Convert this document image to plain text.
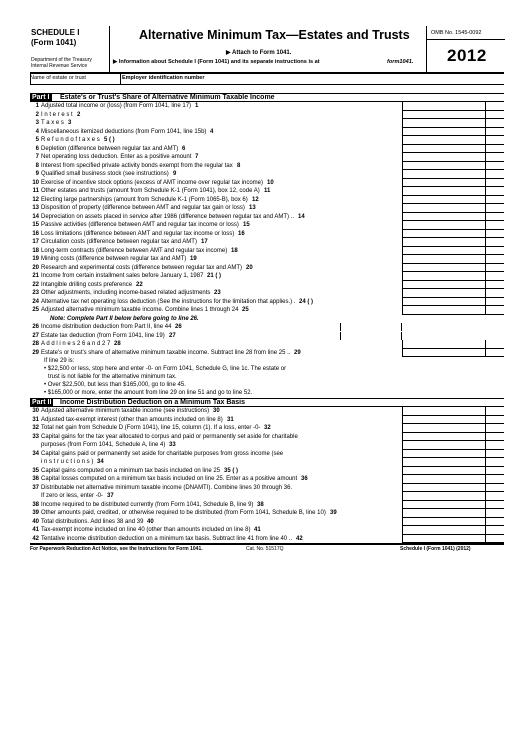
SCHEDULE I
(Form 1041)
Department of the Treasury
Internal Revenue Service
Alternative Minimum Tax—Estates and Trusts
▶ Attach to Form 1041.
▶ Information about Schedule I (Form 1041) and its separate instructions is at	form1041.
OMB No. 1545-0092
2012
Name of estate or trust	Employer identification number
Part I Estate's or Trust's Share of Alternative Minimum Taxable Income
1 Adjusted total income or (loss) (from Form 1041, line 17) 1
2 I n t e r e s t 2
3 T a x e s 3
4 Miscellaneous itemized deductions (from Form 1041, line 15b) 4
5 R e f u n d o f t a x e s 5 ( )
6 Depletion (difference between regular tax and AMT) 6
7 Net operating loss deduction. Enter as a positive amount 7
8 Interest from specified private activity bonds exempt from the regular tax 8
9 Qualified small business stock (see instructions) 9
10 Exercise of incentive stock options (excess of AMT income over regular tax income) 10
11 Other estates and trusts (amount from Schedule K-1 (Form 1041), box 12, code A) 11
12 Electing large partnerships (amount from Schedule K-1 (Form 1065-B), box 6) 12
13 Disposition of property (difference between AMT and regular tax gain or loss) 13
14 Depreciation on assets placed in service after 1986 (difference between regular tax and AMT) .. 14
15 Passive activities (difference between AMT and regular tax income or loss) 15
16 Loss limitations (difference between AMT and regular tax income or loss) 16
17 Circulation costs (difference between regular tax and AMT) 17
18 Long-term contracts (difference between AMT and regular tax income) 18
19 Mining costs (difference between regular tax and AMT) 19
20 Research and experimental costs (difference between regular tax and AMT) 20
21 Income from certain installment sales before January 1, 1987 21 ( )
22 Intangible drilling costs preference 22
23 Other adjustments, including income-based related adjustments 23
24 Alternative tax net operating loss deduction (See the instructions for the limitation that applies.) . 24 ( )
25 Adjusted alternative minimum taxable income. Combine lines 1 through 24 25
Note: Complete Part II below before going to line 26.
26 Income distribution deduction from Part II, line 44 26
27 Estate tax deduction (from Form 1041, line 19) 27
28 A d d l i n e s 2 6 a n d 2 7 28
29 Estate's or trust's share of alternative minimum taxable income. Subtract line 28 from line 25 .. 29
If line 29 is:
• $22,500 or less, stop here and enter -0- on Form 1041, Schedule G, line 1c. The estate or
trust is not liable for the alternative minimum tax.
• Over $22,500, but less than $165,000, go to line 45.
• $165,000 or more, enter the amount from line 29 on line 51 and go to line 52.
Part II Income Distribution Deduction on a Minimum Tax Basis
30 Adjusted alternative minimum taxable income (see instructions) 30
31 Adjusted tax-exempt interest (other than amounts included on line 8) 31
32 Total net gain from Schedule D (Form 1041), line 15, column (1). If a loss, enter -0- 32
33 Capital gains for the tax year allocated to corpus and paid or permanently set aside for charitable
purposes (from Form 1041, Schedule A, line 4) 33
34 Capital gains paid or permanently set aside for charitable purposes from gross income (see
i n s t r u c t i o n s ) 34
35 Capital gains computed on a minimum tax basis included on line 25 35 ( )
36 Capital losses computed on a minimum tax basis included on line 25. Enter as a positive amount 36
37 Distributable net alternative minimum taxable income (DNAMTI). Combine lines 30 through 36.
If zero or less, enter -0- 37
38 Income required to be distributed currently (from Form 1041, Schedule B, line 9) 38
39 Other amounts paid, credited, or otherwise required to be distributed (from Form 1041, Schedule B, line 10) 39
40 Total distributions. Add lines 38 and 39 40
41 Tax-exempt income included on line 40 (other than amounts included on line 8) 41
42 Tentative income distribution deduction on a minimum tax basis. Subtract line 41 from line 40 .. 42
For Paperwork Reduction Act Notice, see the Instructions for Form 1041.	Cat. No. 51517Q	Schedule I (Form 1041) (2012)
